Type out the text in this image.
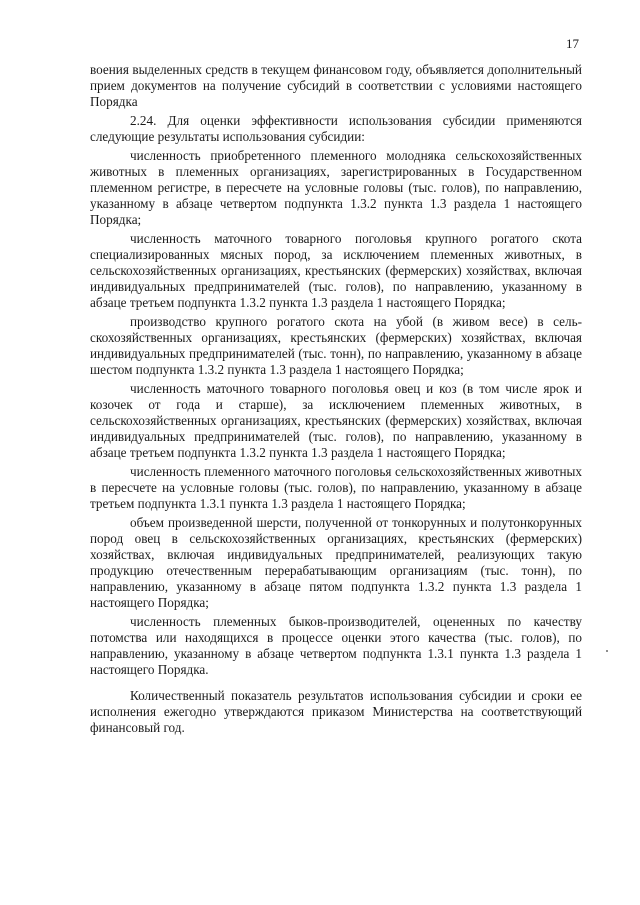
17

воения выделенных средств в текущем финансовом году, объявляется дополнительный прием документов на получение субсидий в соответствии с условиями настоящего Порядка

2.24. Для оценки эффективности использования субсидии применяются следующие результаты использования субсидии:

численность приобретенного племенного молодняка сельскохозяйственных животных в племенных организациях, зарегистрированных в Государственном племенном регистре, в пересчете на условные головы (тыс. голов), по направлению, указанному в абзаце четвертом подпункта 1.3.2 пункта 1.3 раздела 1 настоящего Порядка;

численность маточного товарного поголовья крупного рогатого скота специализированных мясных пород, за исключением племенных животных, в сельскохозяйственных организациях, крестьянских (фермерских) хозяйствах, включая индивидуальных предпринимателей (тыс. голов), по направлению, указанному в абзаце третьем подпункта 1.3.2 пункта 1.3 раздела 1 настоящего Порядка;

производство крупного рогатого скота на убой (в живом весе) в сельскохозяйственных организациях, крестьянских (фермерских) хозяйствах, включая индивидуальных предпринимателей (тыс. тонн), по направлению, указанному в абзаце шестом подпункта 1.3.2 пункта 1.3 раздела 1 настоящего Порядка;

численность маточного товарного поголовья овец и коз (в том числе ярок и козочек от года и старше), за исключением племенных животных, в сельскохозяйственных организациях, крестьянских (фермерских) хозяйствах, включая индивидуальных предпринимателей (тыс. голов), по направлению, указанному в абзаце третьем подпункта 1.3.2 пункта 1.3 раздела 1 настоящего Порядка;

численность племенного маточного поголовья сельскохозяйственных животных в пересчете на условные головы (тыс. голов), по направлению, указанному в абзаце третьем подпункта 1.3.1 пункта 1.3 раздела 1 настоящего Порядка;

объем произведенной шерсти, полученной от тонкорунных и полутонкорунных пород овец в сельскохозяйственных организациях, крестьянских (фермерских) хозяйствах, включая индивидуальных предпринимателей, реализующих такую продукцию отечественным перерабатывающим организациям (тыс. тонн), по направлению, указанному в абзаце пятом подпункта 1.3.2 пункта 1.3 раздела 1 настоящего Порядка;

численность племенных быков-производителей, оцененных по качеству потомства или находящихся в процессе оценки этого качества (тыс. голов), по направлению, указанному в абзаце четвертом подпункта 1.3.1 пункта 1.3 раздела 1 настоящего Порядка.

Количественный показатель результатов использования субсидии и сроки ее исполнения ежегодно утверждаются приказом Министерства на соответствующий финансовый год.
